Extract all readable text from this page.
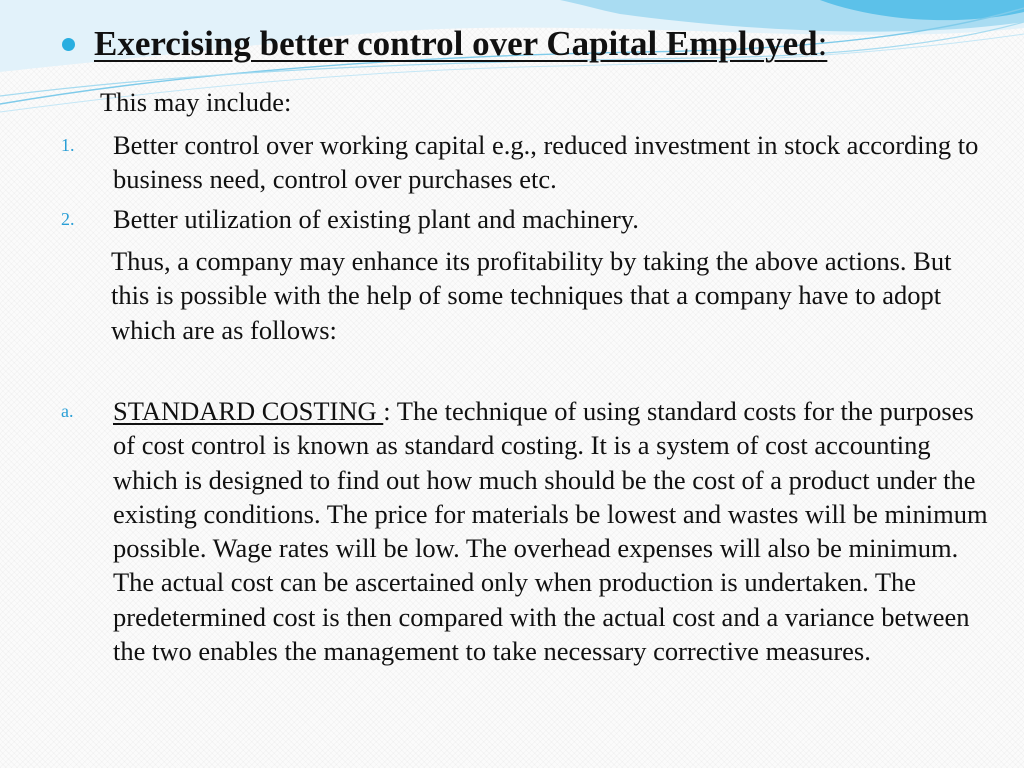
Exercising better control over Capital Employed:
This may include:
1. Better control over working capital e.g., reduced investment in stock according to business need, control over purchases etc.
2. Better utilization of existing plant and machinery.
Thus, a company may enhance its profitability by taking the above actions. But this is possible with the help of some techniques that a company have to adopt which are as follows:
a. STANDARD COSTING : The technique of using standard costs for the purposes of cost control is known as standard costing. It is a system of cost accounting which is designed to find out how much should be the cost of a product under the existing conditions. The price for materials be lowest and wastes will be minimum possible. Wage rates will be low. The overhead expenses will also be minimum. The actual cost can be ascertained only when production is undertaken. The predetermined cost is then compared with the actual cost and a variance between the two enables the management to take necessary corrective measures.
